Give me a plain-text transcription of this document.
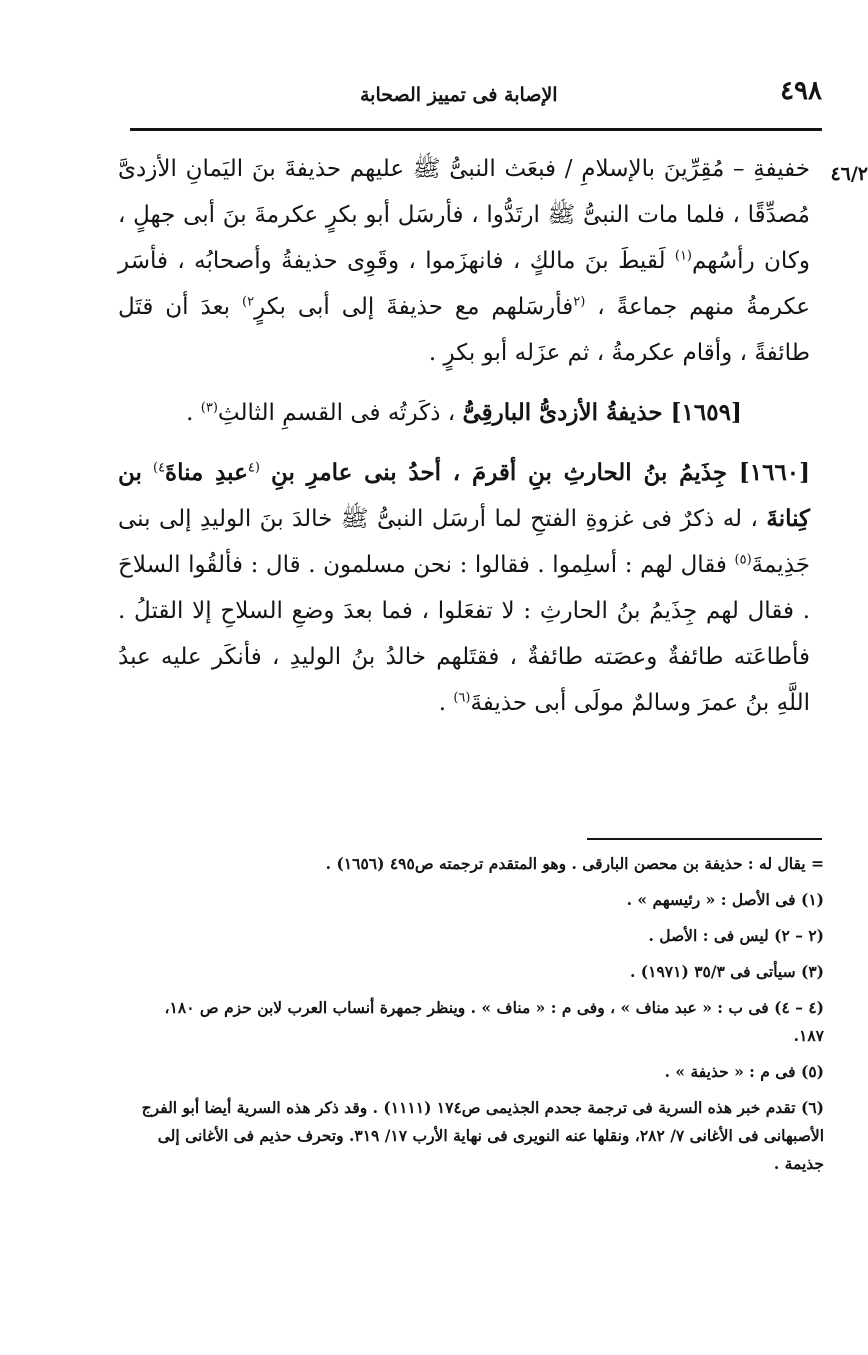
٤٩٨
الإصابة فى تمييز الصحابة
٤٦/٢

خفيفةِ – مُقِرِّينَ بالإسلامِ / فبعَث النبىُّ ﷺ عليهم حذيفةَ بنَ اليَمانِ الأزدىَّ مُصدِّقًا ، فلما مات النبىُّ ﷺ ارتَدُّوا ، فأرسَل أبو بكرٍ عكرمةَ بنَ أبى جهلٍ ، وكان رأسُهم$^{(١)}$ لَقيطَ بنَ مالكٍ ، فانهزَموا ، وقَوِى حذيفةُ وأصحابُه ، فأسَر عكرمةُ منهم جماعةً ، $^{(٢}$فأرسَلهم مع حذيفةَ إلى أبى بكرٍ$^{٢)}$ بعدَ أن قتَل طائفةً ، وأقام عكرمةُ ، ثم عزَله أبو بكرٍ .

[١٦٥٩] حذيفةُ الأزدىُّ البارقِىُّ ، ذكَرتُه فى القسمِ الثالثِ$^{(٣)}$ .

[١٦٦٠] جِذَيمُ بنُ الحارثِ بنِ أقرمَ ، أحدُ بنى عامرِ بنِ $^{(٤}$عبدِ مناةَ$^{٤)}$ بن كِنانةَ ، له ذكرٌ فى غزوةِ الفتحِ لما أرسَل النبىُّ ﷺ خالدَ بنَ الوليدِ إلى بنى جَذِيمةَ$^{(٥)}$ فقال لهم : أسلِموا . فقالوا : نحن مسلمون . قال : فألقُوا السلاحَ . فقال لهم جِذَيمُ بنُ الحارثِ : لا تفعَلوا ، فما بعدَ وضعِ السلاحِ إلا القتلُ . فأطاعَته طائفةٌ وعصَته طائفةٌ ، فقتَلهم خالدُ بنُ الوليدِ ، فأنكَر عليه عبدُ اللَّهِ بنُ عمرَ وسالمٌ مولَى أبى حذيفةَ$^{(٦)}$ .

= يقال له : حذيفة بن محصن البارقى . وهو المتقدم ترجمته ص٤٩٥ (١٦٥٦) .

(١) فى الأصل : « رئيسهم » .

(٢ – ٢) ليس فى : الأصل .

(٣) سيأتى فى ٣٥/٣ (١٩٧١) .

(٤ – ٤) فى ب : « عبد مناف » ، وفى م : « مناف » . وينظر جمهرة أنساب العرب لابن حزم ص ١٨٠، ١٨٧.

(٥) فى م : « حذيفة » .

(٦) تقدم خبر هذه السرية فى ترجمة جحدم الجذيمى ص١٧٤ (١١١١) . وقد ذكر هذه السرية أيضا أبو الفرج الأصبهانى فى الأغانى ٧/ ٢٨٢، ونقلها عنه النويرى فى نهاية الأرب ١٧/ ٣١٩. وتحرف حذيم فى الأغانى إلى جذيمة .
